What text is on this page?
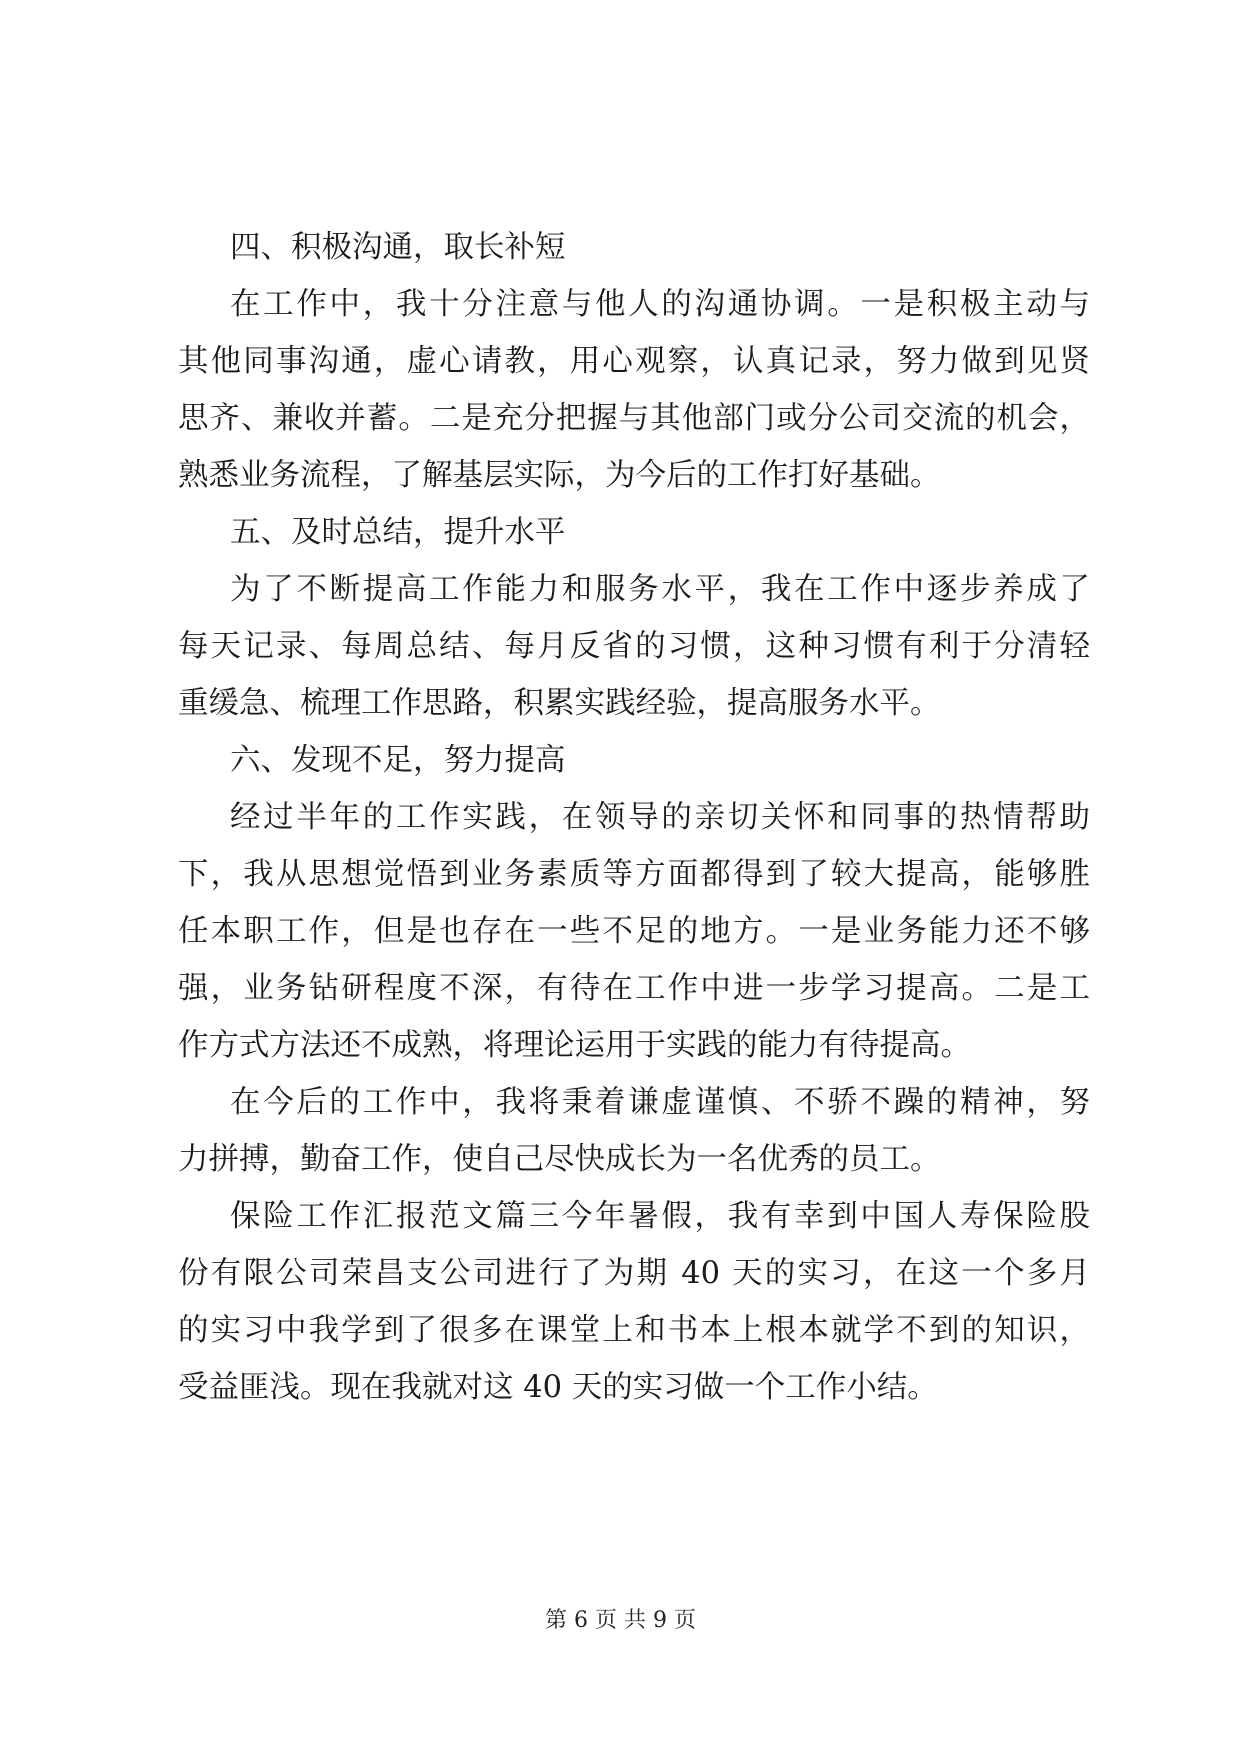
四、积极沟通，取长补短
在工作中，我十分注意与他人的沟通协调。一是积极主动与
其他同事沟通，虚心请教，用心观察，认真记录，努力做到见贤
思齐、兼收并蓄。二是充分把握与其他部门或分公司交流的机会，
熟悉业务流程，了解基层实际，为今后的工作打好基础。
五、及时总结，提升水平
为了不断提高工作能力和服务水平，我在工作中逐步养成了
每天记录、每周总结、每月反省的习惯，这种习惯有利于分清轻
重缓急、梳理工作思路，积累实践经验，提高服务水平。
六、发现不足，努力提高
经过半年的工作实践，在领导的亲切关怀和同事的热情帮助
下，我从思想觉悟到业务素质等方面都得到了较大提高，能够胜
任本职工作，但是也存在一些不足的地方。一是业务能力还不够
强，业务钻研程度不深，有待在工作中进一步学习提高。二是工
作方式方法还不成熟，将理论运用于实践的能力有待提高。
在今后的工作中，我将秉着谦虚谨慎、不骄不躁的精神，努
力拼搏，勤奋工作，使自己尽快成长为一名优秀的员工。
保险工作汇报范文篇三今年暑假，我有幸到中国人寿保险股
份有限公司荣昌支公司进行了为期 40 天的实习，在这一个多月
的实习中我学到了很多在课堂上和书本上根本就学不到的知识，
受益匪浅。现在我就对这 40 天的实习做一个工作小结。
第 6 页 共 9 页
